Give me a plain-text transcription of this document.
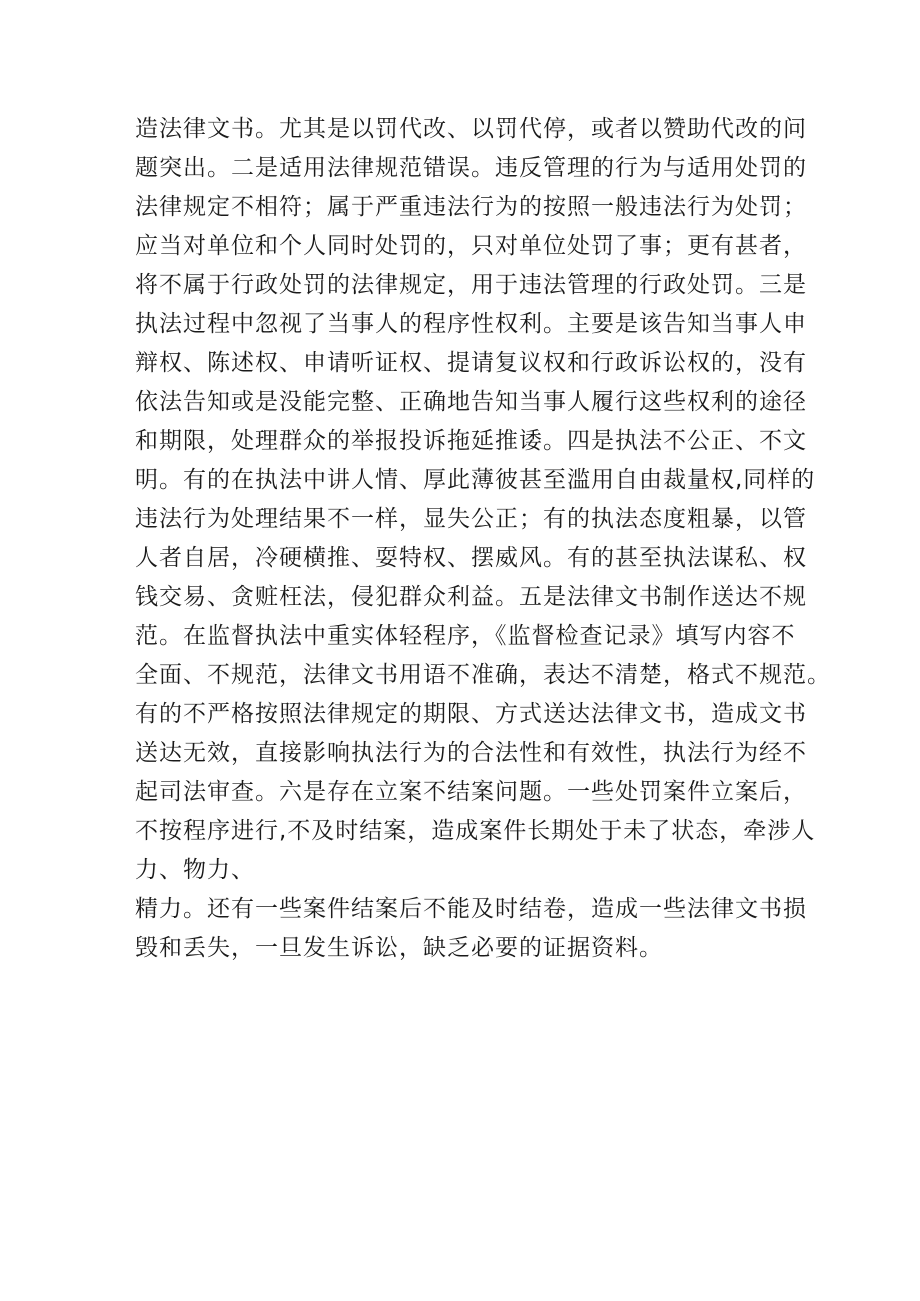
造法律文书。尤其是以罚代改、以罚代停，或者以赞助代改的问
题突出。二是适用法律规范错误。违反管理的行为与适用处罚的
法律规定不相符；属于严重违法行为的按照一般违法行为处罚；
应当对单位和个人同时处罚的，只对单位处罚了事；更有甚者，
将不属于行政处罚的法律规定，用于违法管理的行政处罚。三是
执法过程中忽视了当事人的程序性权利。主要是该告知当事人申
辩权、陈述权、申请听证权、提请复议权和行政诉讼权的，没有
依法告知或是没能完整、正确地告知当事人履行这些权利的途径
和期限，处理群众的举报投诉拖延推诿。四是执法不公正、不文
明。有的在执法中讲人情、厚此薄彼甚至滥用自由裁量权,同样的
违法行为处理结果不一样，显失公正；有的执法态度粗暴，以管
人者自居，冷硬横推、耍特权、摆威风。有的甚至执法谋私、权
钱交易、贪赃枉法，侵犯群众利益。五是法律文书制作送达不规
范。在监督执法中重实体轻程序，《监督检查记录》填写内容不
全面、不规范，法律文书用语不准确，表达不清楚，格式不规范。
有的不严格按照法律规定的期限、方式送达法律文书，造成文书
送达无效，直接影响执法行为的合法性和有效性，执法行为经不
起司法审查。六是存在立案不结案问题。一些处罚案件立案后，
不按程序进行,不及时结案，造成案件长期处于未了状态，牵涉人
力、物力、
精力。还有一些案件结案后不能及时结卷，造成一些法律文书损
毁和丢失，一旦发生诉讼，缺乏必要的证据资料。
